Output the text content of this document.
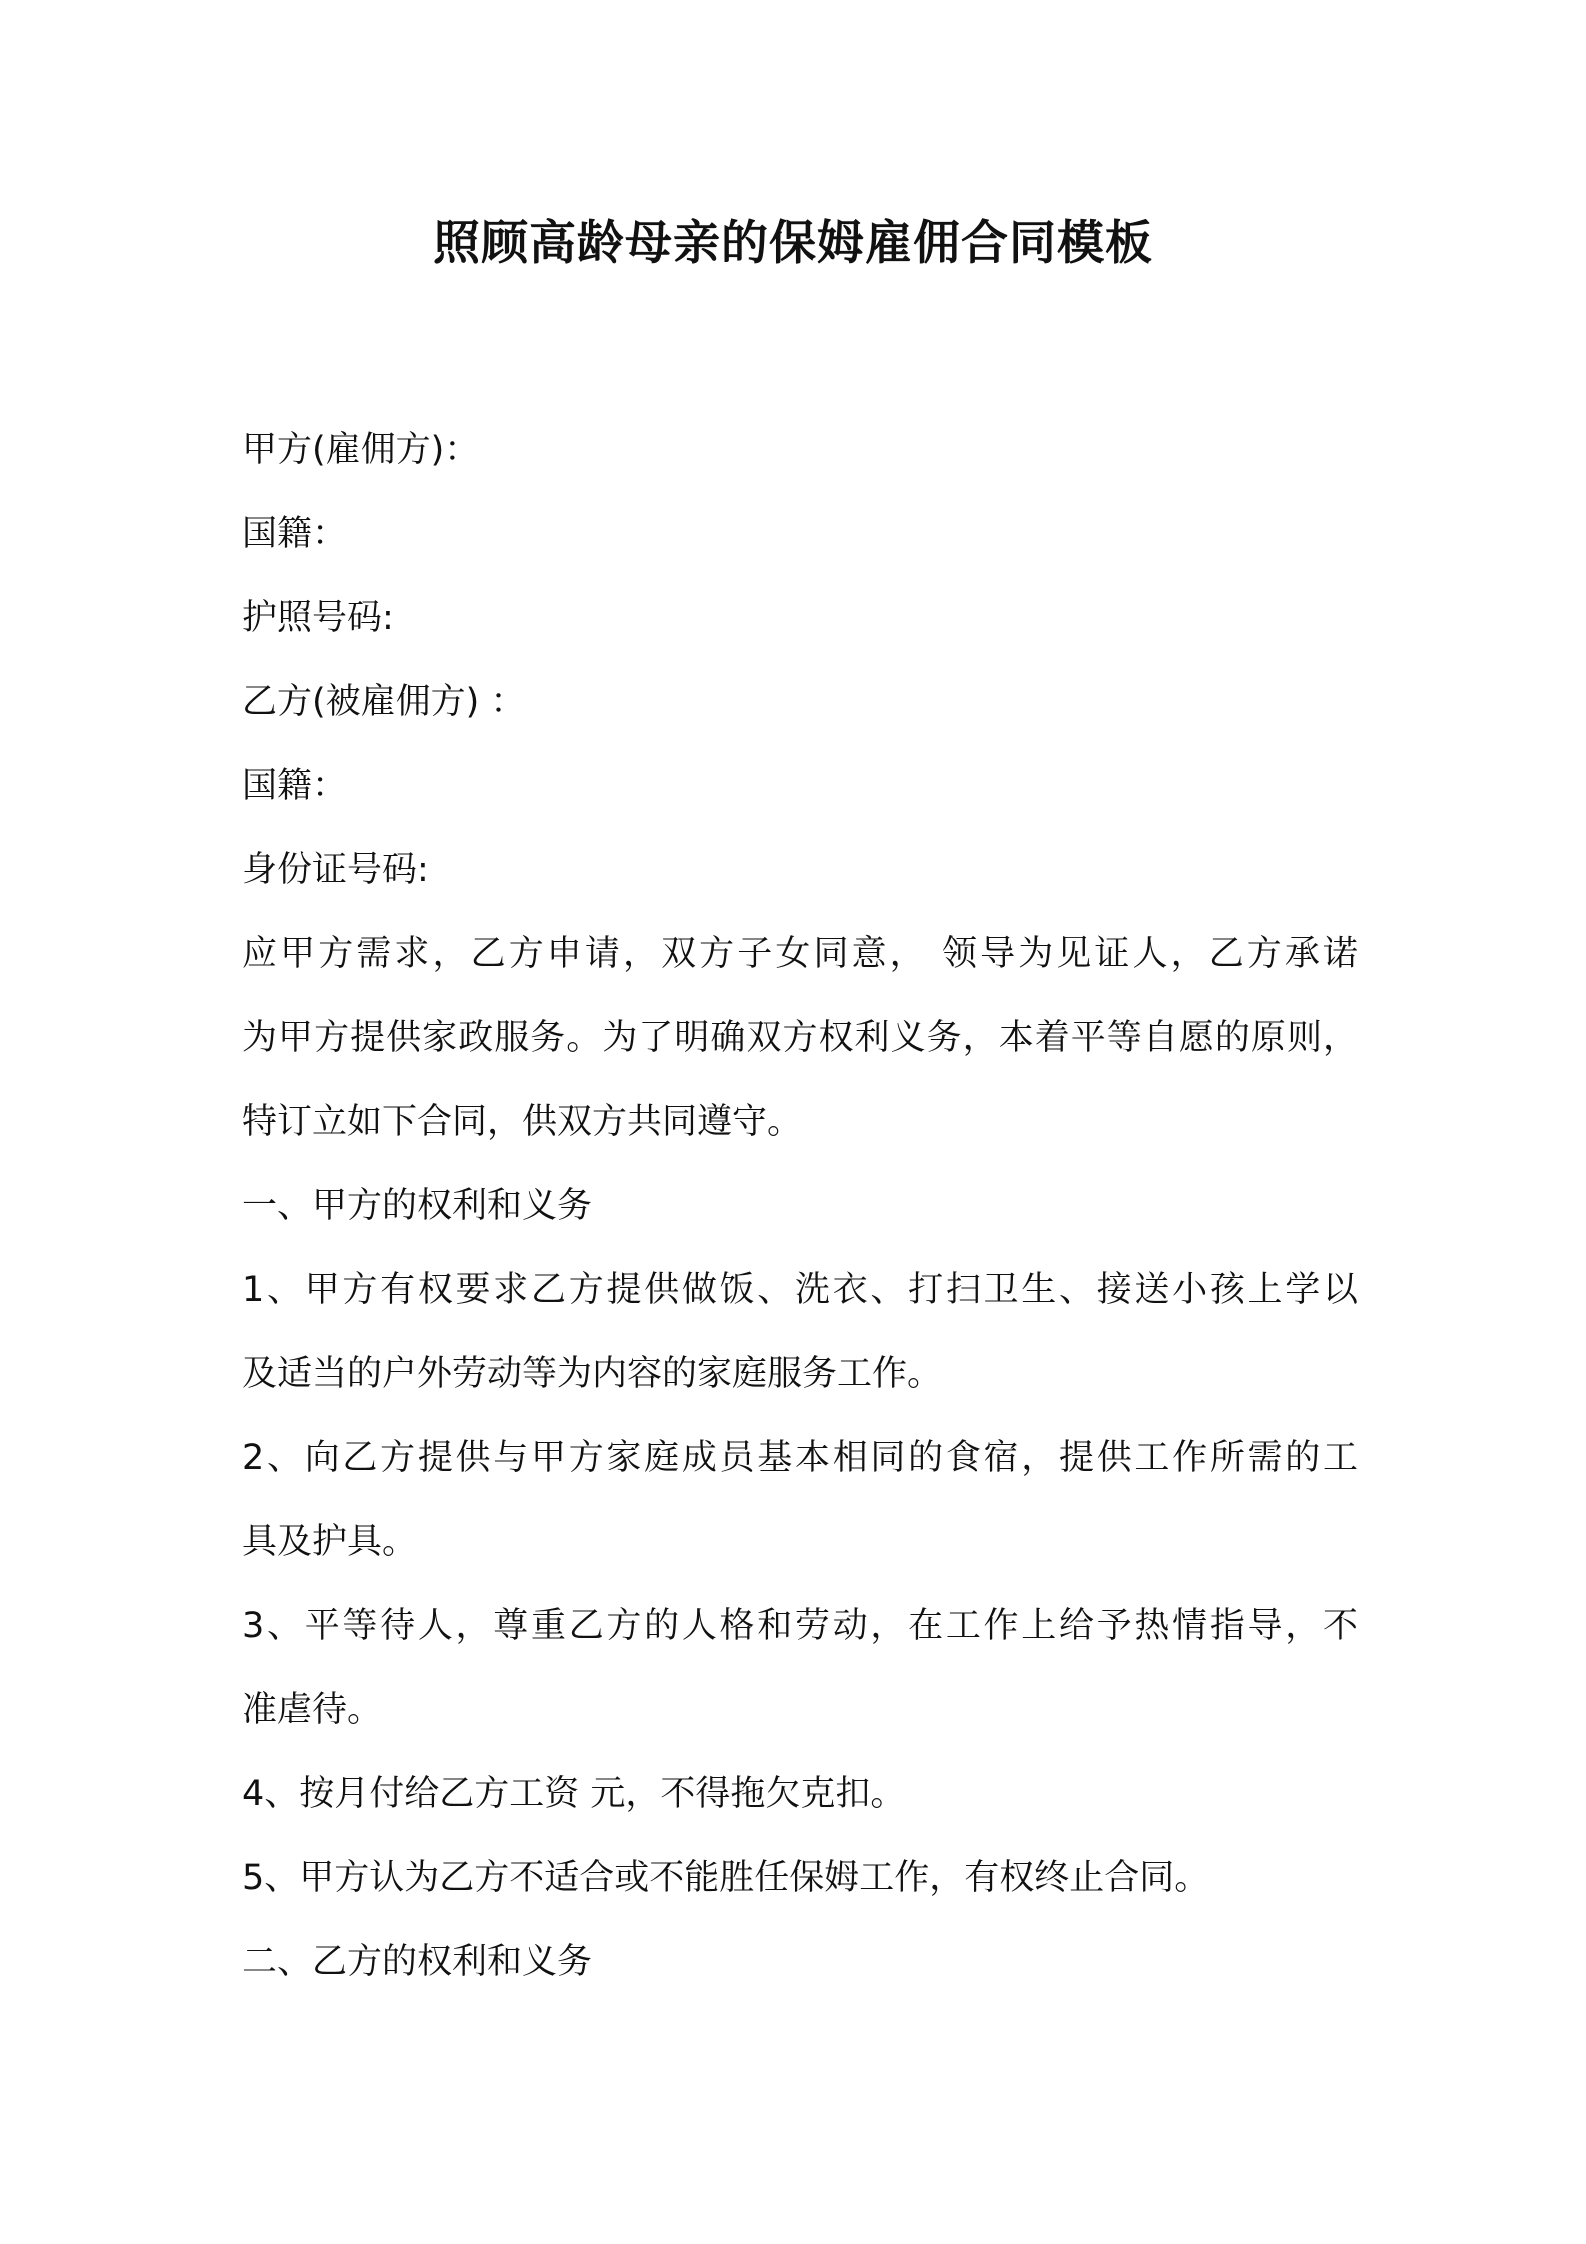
照顾高龄母亲的保姆雇佣合同模板

甲方(雇佣方)：

国籍：

护照号码:

乙方(被雇佣方) ：

国籍：

身份证号码:

应甲方需求，乙方申请，双方子女同意， 领导为见证人，乙方承诺

为甲方提供家政服务。为了明确双方权利义务，本着平等自愿的原则，

特订立如下合同，供双方共同遵守。

一、甲方的权利和义务

1、甲方有权要求乙方提供做饭、洗衣、打扫卫生、接送小孩上学以

及适当的户外劳动等为内容的家庭服务工作。

2、向乙方提供与甲方家庭成员基本相同的食宿，提供工作所需的工

具及护具。

3、平等待人，尊重乙方的人格和劳动，在工作上给予热情指导，不

准虐待。

4、按月付给乙方工资 元，不得拖欠克扣。

5、甲方认为乙方不适合或不能胜任保姆工作，有权终止合同。

二、乙方的权利和义务
